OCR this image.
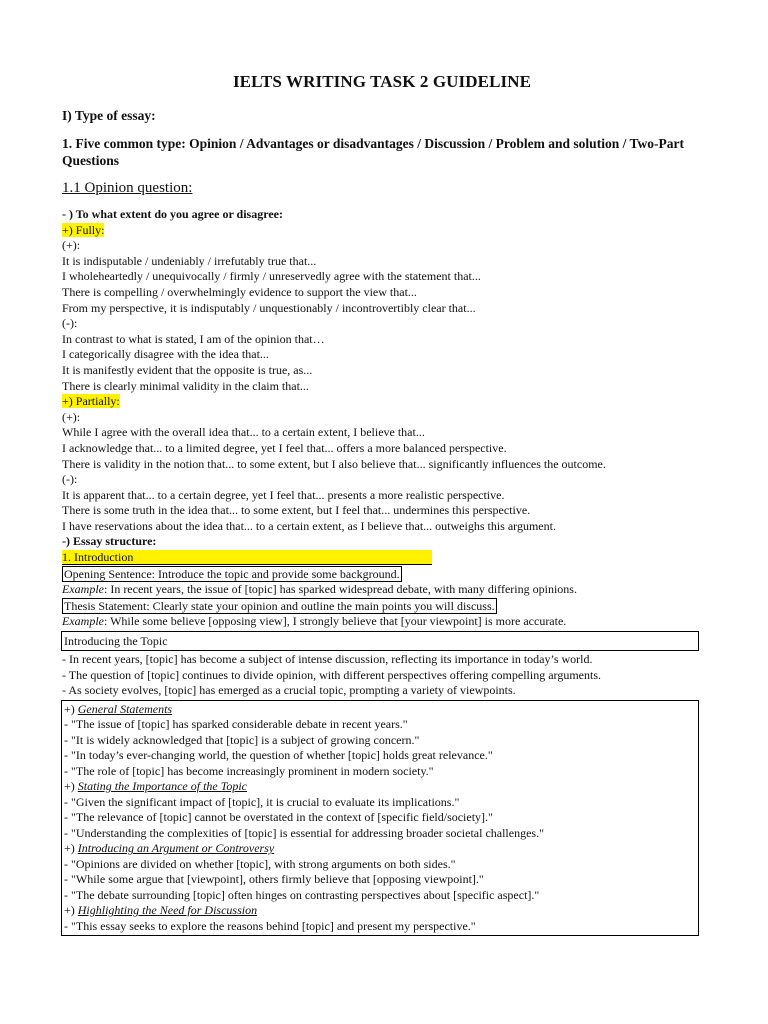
IELTS WRITING TASK 2 GUIDELINE
I) Type of essay:
1. Five common type: Opinion / Advantages or disadvantages / Discussion / Problem and solution / Two-Part Questions
1.1 Opinion question:
- ) To what extent do you agree or disagree:
+) Fully:
(+):
It is indisputable / undeniably / irrefutably true that...
I wholeheartedly / unequivocally / firmly / unreservedly agree with the statement that...
There is compelling / overwhelmingly evidence to support the view that...
From my perspective, it is indisputably / unquestionably / incontrovertibly clear that...
(-):
In contrast to what is stated, I am of the opinion that…
I categorically disagree with the idea that...
It is manifestly evident that the opposite is true, as...
There is clearly minimal validity in the claim that...
+) Partially:
(+):
While I agree with the overall idea that... to a certain extent, I believe that...
I acknowledge that... to a limited degree, yet I feel that... offers a more balanced perspective.
There is validity in the notion that... to some extent, but I also believe that... significantly influences the outcome.
(-):
It is apparent that... to a certain degree, yet I feel that... presents a more realistic perspective.
There is some truth in the idea that... to some extent, but I feel that... undermines this perspective.
I have reservations about the idea that... to a certain extent, as I believe that... outweighs this argument.
-) Essay structure:
1. Introduction
Opening Sentence: Introduce the topic and provide some background.
Example: In recent years, the issue of [topic] has sparked widespread debate, with many differing opinions.
Thesis Statement: Clearly state your opinion and outline the main points you will discuss.
Example: While some believe [opposing view], I strongly believe that [your viewpoint] is more accurate.
Introducing the Topic
- In recent years, [topic] has become a subject of intense discussion, reflecting its importance in today’s world.
- The question of [topic] continues to divide opinion, with different perspectives offering compelling arguments.
- As society evolves, [topic] has emerged as a crucial topic, prompting a variety of viewpoints.
+) General Statements
- "The issue of [topic] has sparked considerable debate in recent years."
- "It is widely acknowledged that [topic] is a subject of growing concern."
- "In today’s ever-changing world, the question of whether [topic] holds great relevance."
- "The role of [topic] has become increasingly prominent in modern society."
+) Stating the Importance of the Topic
- "Given the significant impact of [topic], it is crucial to evaluate its implications."
- "The relevance of [topic] cannot be overstated in the context of [specific field/society]."
- "Understanding the complexities of [topic] is essential for addressing broader societal challenges."
+) Introducing an Argument or Controversy
- "Opinions are divided on whether [topic], with strong arguments on both sides."
- "While some argue that [viewpoint], others firmly believe that [opposing viewpoint]."
- "The debate surrounding [topic] often hinges on contrasting perspectives about [specific aspect]."
+) Highlighting the Need for Discussion
- "This essay seeks to explore the reasons behind [topic] and present my perspective."
